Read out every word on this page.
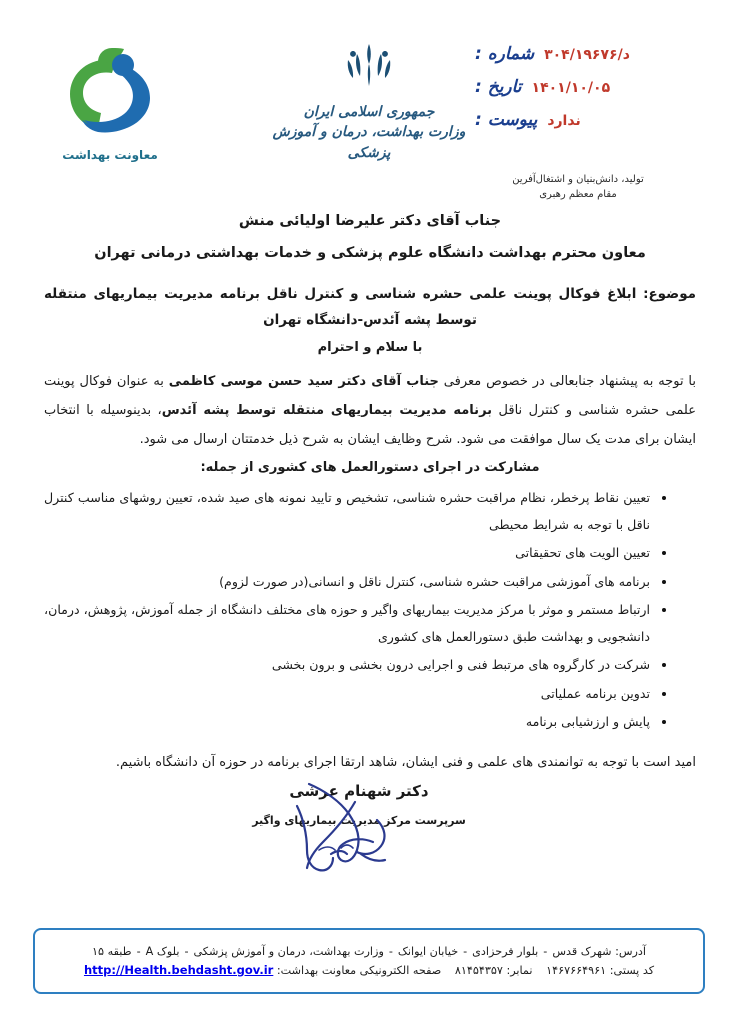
شماره : د/۳۰۴/۱۹۶۷۶
تاریخ : ۱۴۰۱/۱۰/۰۵
پیوست : ندارد
تولید، دانش‌بنیان و اشتغال‌آفرین
مقام معظم رهبری
جمهوری اسلامی ایران
وزارت بهداشت، درمان و آموزش پزشکی
معاونت بهداشت
جناب آقای دکتر علیرضا اولیائی منش
معاون محترم بهداشت دانشگاه علوم پزشکی و خدمات بهداشتی درمانی تهران
موضوع: ابلاغ فوکال پوینت علمی حشره شناسی و کنترل ناقل برنامه مدیریت بیماریهای منتقله توسط پشه آئدس-دانشگاه تهران
با سلام و احترام
با توجه به پیشنهاد جنابعالی در خصوص معرفی جناب آقای دکتر سید حسن موسی کاظمی به عنوان فوکال پوینت علمی حشره شناسی و کنترل ناقل برنامه مدیریت بیماریهای منتقله توسط پشه آئدس، بدینوسیله با انتخاب ایشان برای مدت یک سال موافقت می شود. شرح وظایف ایشان به شرح ذیل خدمتتان ارسال می شود.
مشارکت در اجرای دستورالعمل های کشوری از جمله:
تعیین نقاط پرخطر، نظام مراقبت حشره شناسی، تشخیص و تایید نمونه های صید شده، تعیین روشهای مناسب کنترل ناقل با توجه به شرایط محیطی
تعیین الویت های تحقیقاتی
برنامه های آموزشی مراقبت حشره شناسی، کنترل ناقل و انسانی(در صورت لزوم)
ارتباط مستمر و موثر با مرکز مدیریت بیماریهای واگیر و حوزه های مختلف دانشگاه از جمله آموزش، پژوهش، درمان، دانشجویی و بهداشت طبق دستورالعمل های کشوری
شرکت در کارگروه های مرتبط فنی و اجرایی درون بخشی و برون بخشی
تدوین برنامه عملیاتی
پایش و ارزشیابی برنامه
امید است با توجه به توانمندی های علمی و فنی ایشان، شاهد ارتقا اجرای برنامه در حوزه آن دانشگاه باشیم.
دکتر شهنام عرشی
سرپرست مرکز مدیریت بیماریهای واگیر
آدرس: شهرک قدس-بلوار فرحزادی-خیابان ایوانک-وزارت بهداشت، درمان و آموزش پزشکی-بلوک A-طبقه ۱۵
کد پستی: ۱۴۶۷۶۶۴۹۶۱ نمابر: ۸۱۴۵۴۳۵۷ صفحه الکترونیکی معاونت بهداشت: http://Health.behdasht.gov.ir
